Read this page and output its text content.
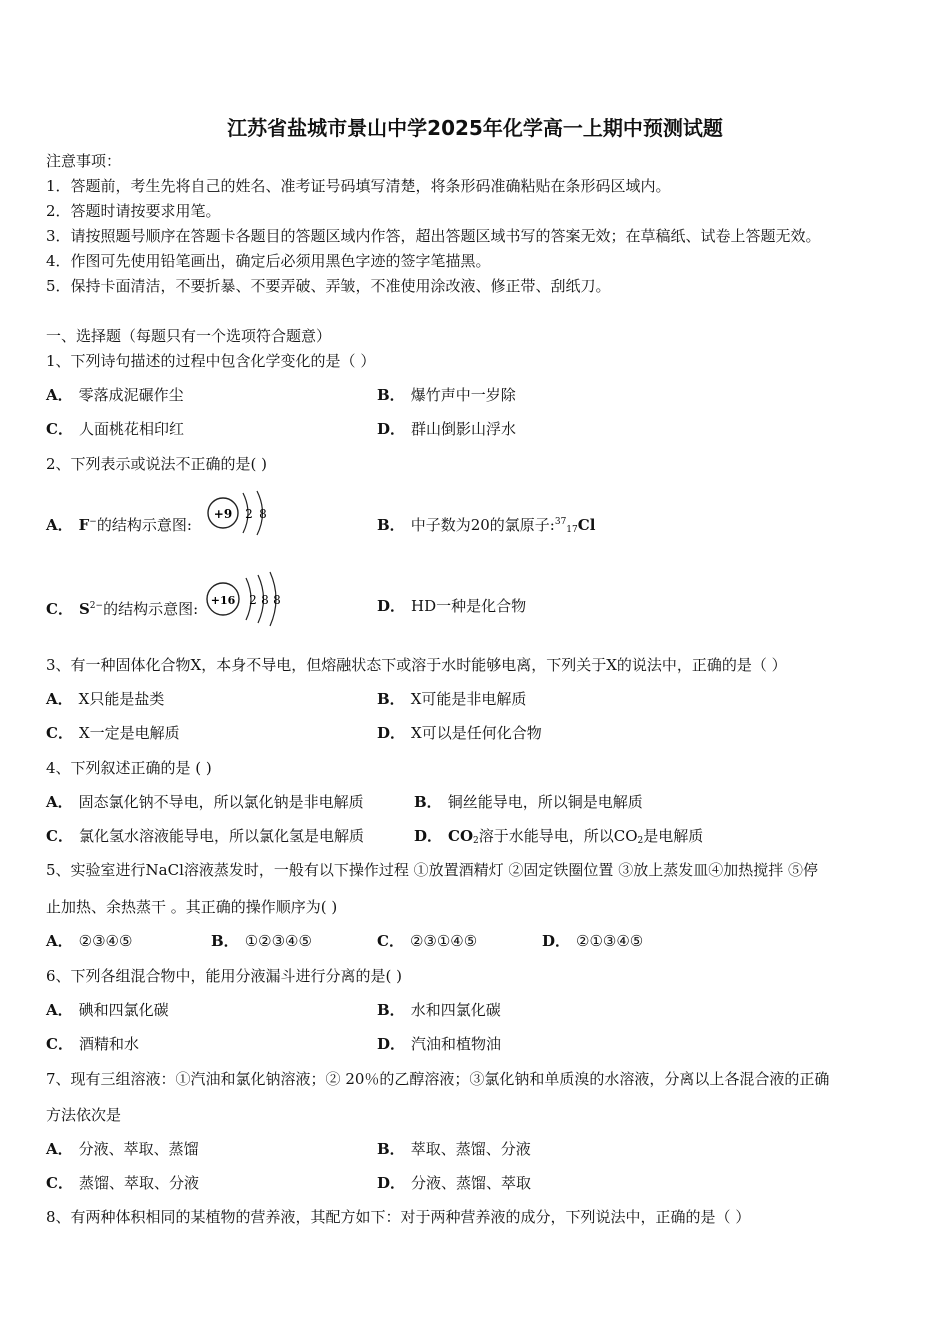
江苏省盐城市景山中学2025年化学高一上期中预测试题
注意事项：
1．答题前，考生先将自己的姓名、准考证号码填写清楚，将条形码准确粘贴在条形码区域内。
2．答题时请按要求用笔。
3．请按照题号顺序在答题卡各题目的答题区域内作答，超出答题区域书写的答案无效；在草稿纸、试卷上答题无效。
4．作图可先使用铅笔画出，确定后必须用黑色字迹的签字笔描黑。
5．保持卡面清洁，不要折暴、不要弄破、弄皱，不准使用涂改液、修正带、刮纸刀。
一、选择题（每题只有一个选项符合题意）
1、下列诗句描述的过程中包含化学变化的是（ ）
A． 零落成泥碾作尘	B． 爆竹声中一岁除
C． 人面桃花相印红	D． 群山倒影山浮水
2、下列表示或说法不正确的是( )
A． F−的结构示意图:
+9 2 8
B． 中子数为20的氯原子:$^{37}_{17}$Cl
C． $S^{2-}$的结构示意图: +16 2 8 8	D． HD一种是化合物
3、有一种固体化合物X，本身不导电，但熔融状态下或溶于水时能够电离，下列关于X的说法中，正确的是（ ）
A． X只能是盐类	B． X可能是非电解质
C． X一定是电解质	D． X可以是任何化合物
4、下列叙述正确的是 ( )
A． 固态氯化钠不导电，所以氯化钠是非电解质	B． 铜丝能导电，所以铜是电解质
C． 氯化氢水溶液能导电，所以氯化氢是电解质	D． $CO_2$溶于水能导电，所以$CO_2$是电解质
5、实验室进行NaCl溶液蒸发时，一般有以下操作过程 ①放置酒精灯 ②固定铁圈位置 ③放上蒸发皿④加热搅拌 ⑤停
止加热、余热蒸干 。其正确的操作顺序为( )
A． ②③④⑤	B． ①②③④⑤	C． ②③①④⑤	D． ②①③④⑤
6、下列各组混合物中，能用分液漏斗进行分离的是( )
A． 碘和四氯化碳	B． 水和四氯化碳
C． 酒精和水	D． 汽油和植物油
7、现有三组溶液：①汽油和氯化钠溶液；② 20％的乙醇溶液；③氯化钠和单质溴的水溶液，分离以上各混合液的正确
方法依次是
A． 分液、萃取、蒸馏	B． 萃取、蒸馏、分液
C． 蒸馏、萃取、分液	D． 分液、蒸馏、萃取
8、有两种体积相同的某植物的营养液，其配方如下：对于两种营养液的成分，下列说法中，正确的是（ ）
